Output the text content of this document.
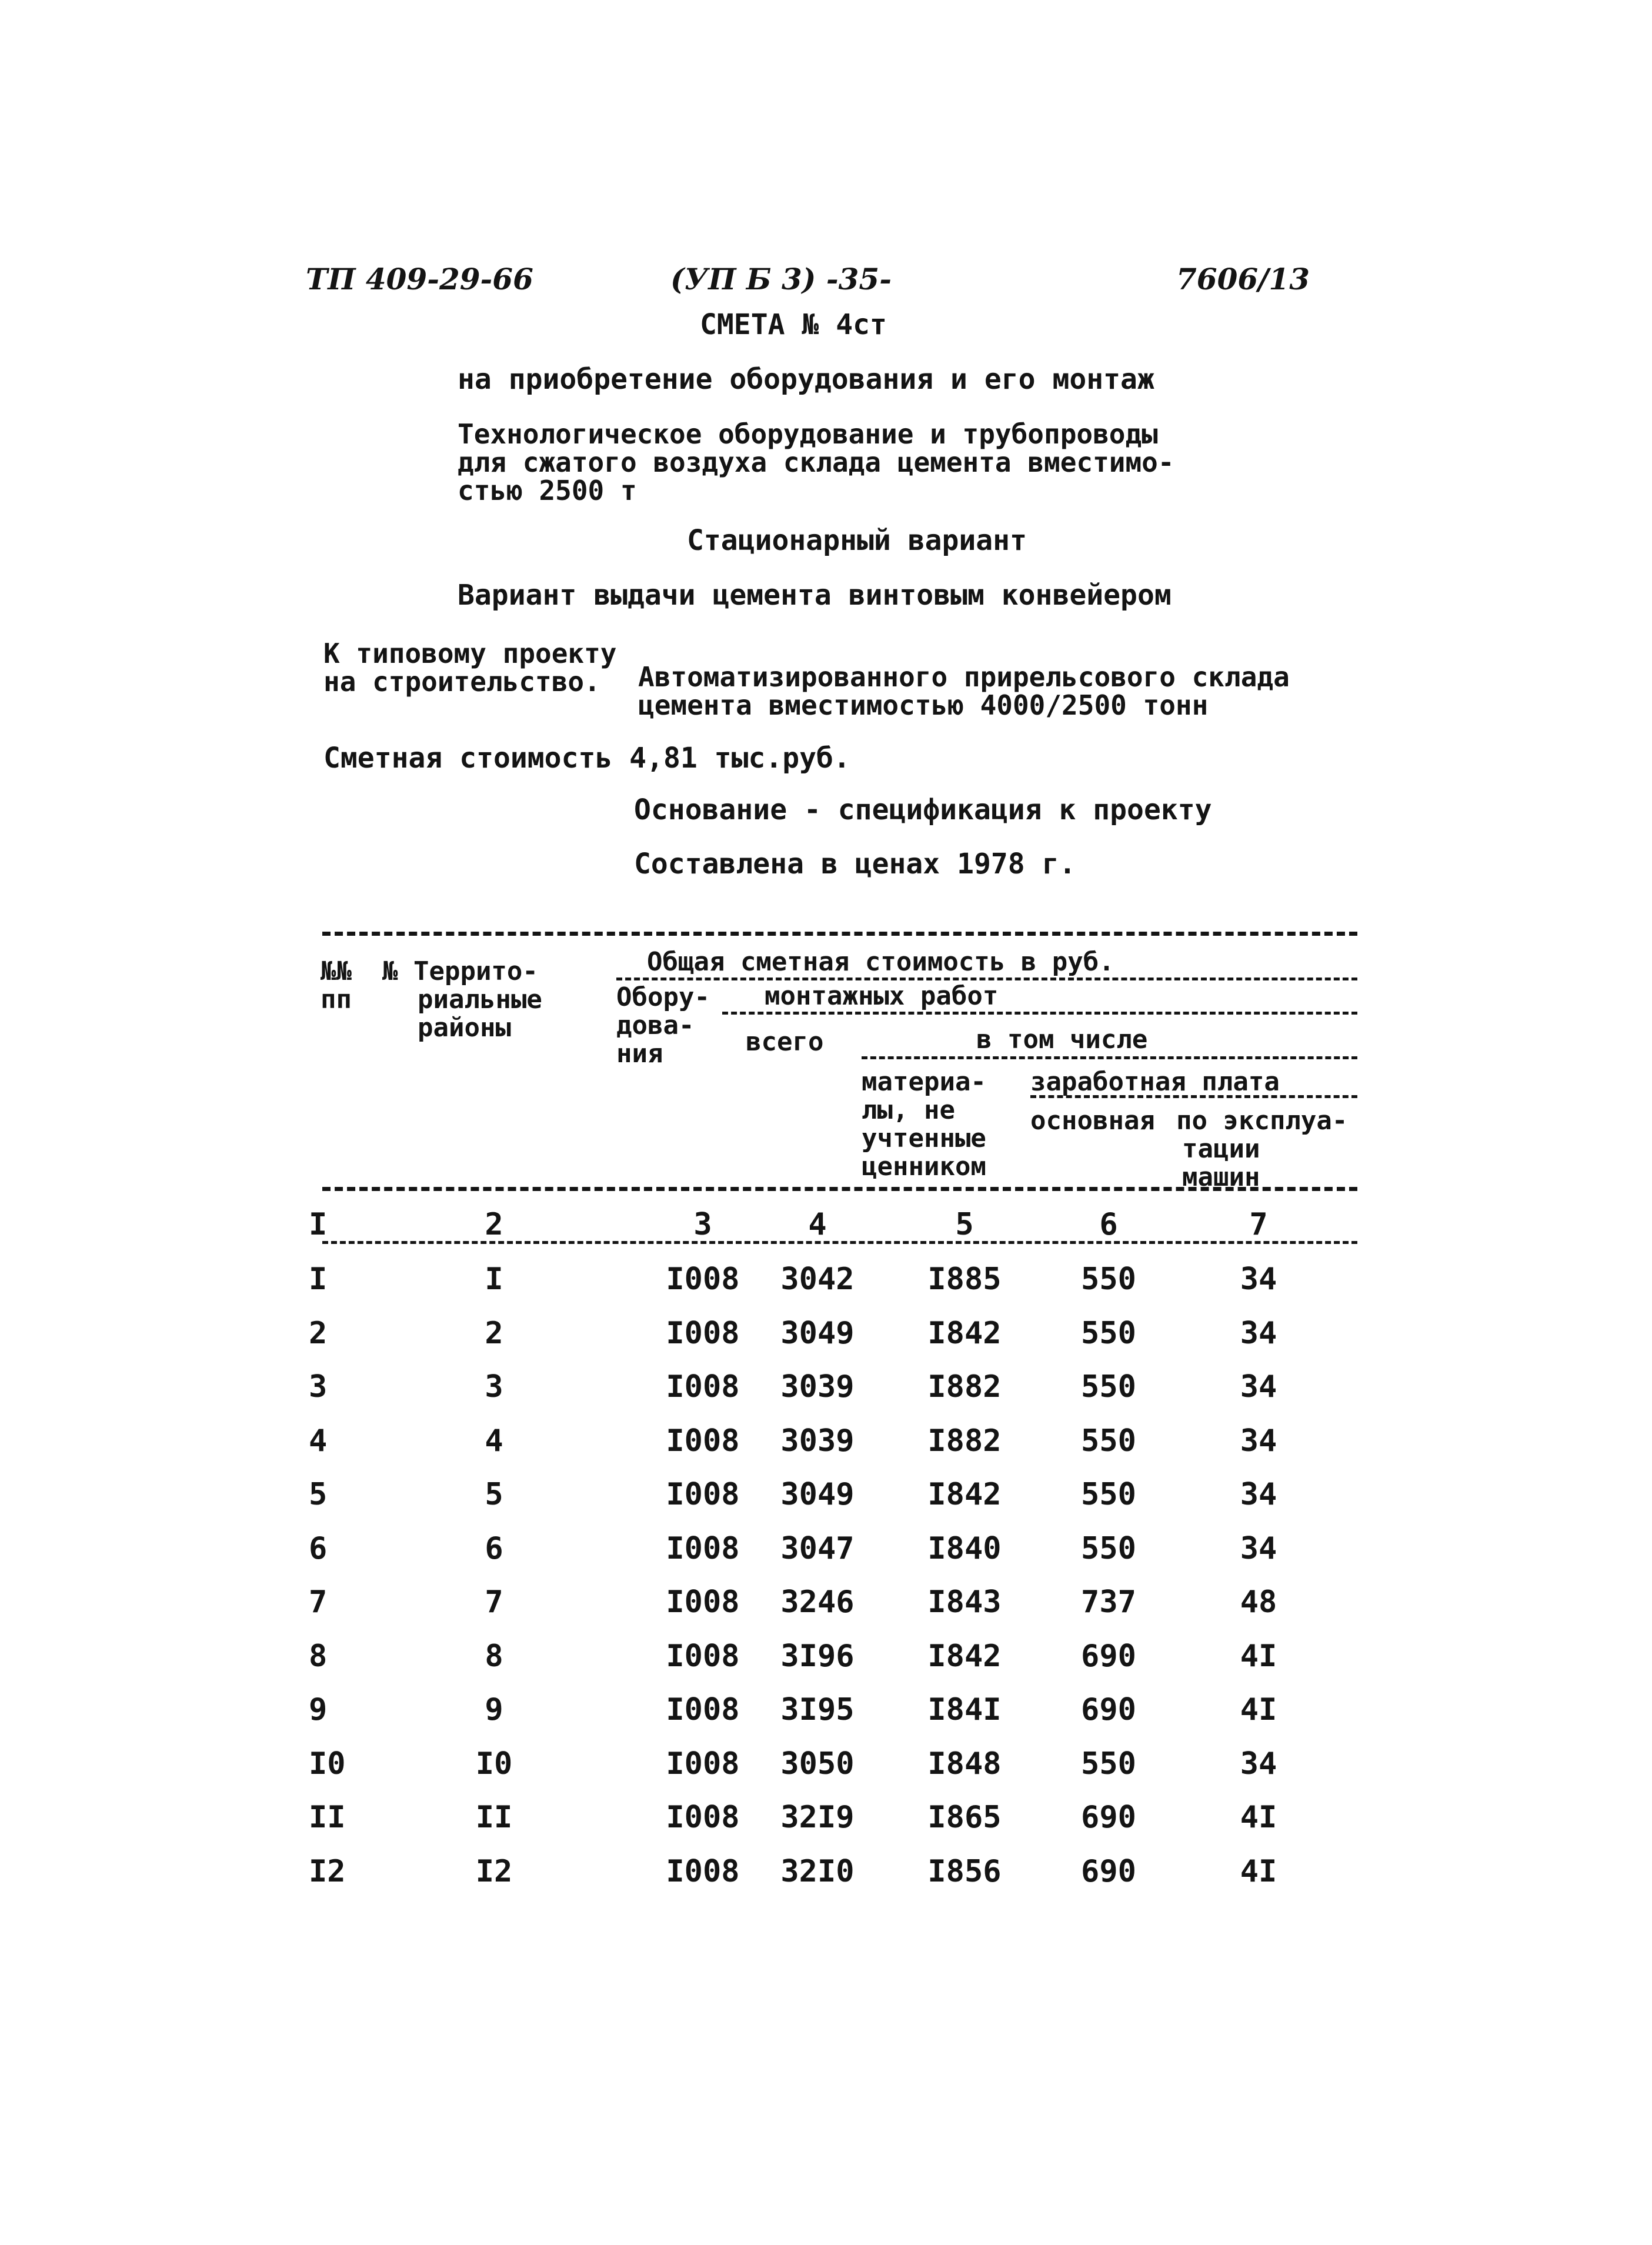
ТП 409-29-66	(УП Б 3) -35-	7606/13
СМЕТА № 4ст
на приобретение оборудования и его монтаж
Технологическое оборудование и трубопроводы
для сжатого воздуха склада цемента вместимо-
стью 2500 т
Стационарный вариант
Вариант выдачи цемента винтовым конвейером
К типовому проекту
на строительство. Автоматизированного прирельсового склада
цемента вместимостью 4000/2500 тонн
Сметная стоимость 4,81 тыс.руб.
Основание - спецификация к проекту
Составлена в ценах 1978 г.
№№
пп
№ Террито-
риальные
районы
Общая сметная стоимость в руб.
Обору-
дова-
ния
монтажных работ
всего	в том числе
материа-
лы, не
учтенные
ценником
заработная плата
основная по эксплуа-
тации
машин
I	2	3	4	5	6	7
I	I	I008	3042	I885	550	34
2	2	I008	3049	I842	550	34
3	3	I008	3039	I882	550	34
4	4	I008	3039	I882	550	34
5	5	I008	3049	I842	550	34
6	6	I008	3047	I840	550	34
7	7	I008	3246	I843	737	48
8	8	I008	3I96	I842	690	4I
9	9	I008	3I95	I84I	690	4I
I0	I0	I008	3050	I848	550	34
II	II	I008	32I9	I865	690	4I
I2	I2	I008	32I0	I856	690	4I
